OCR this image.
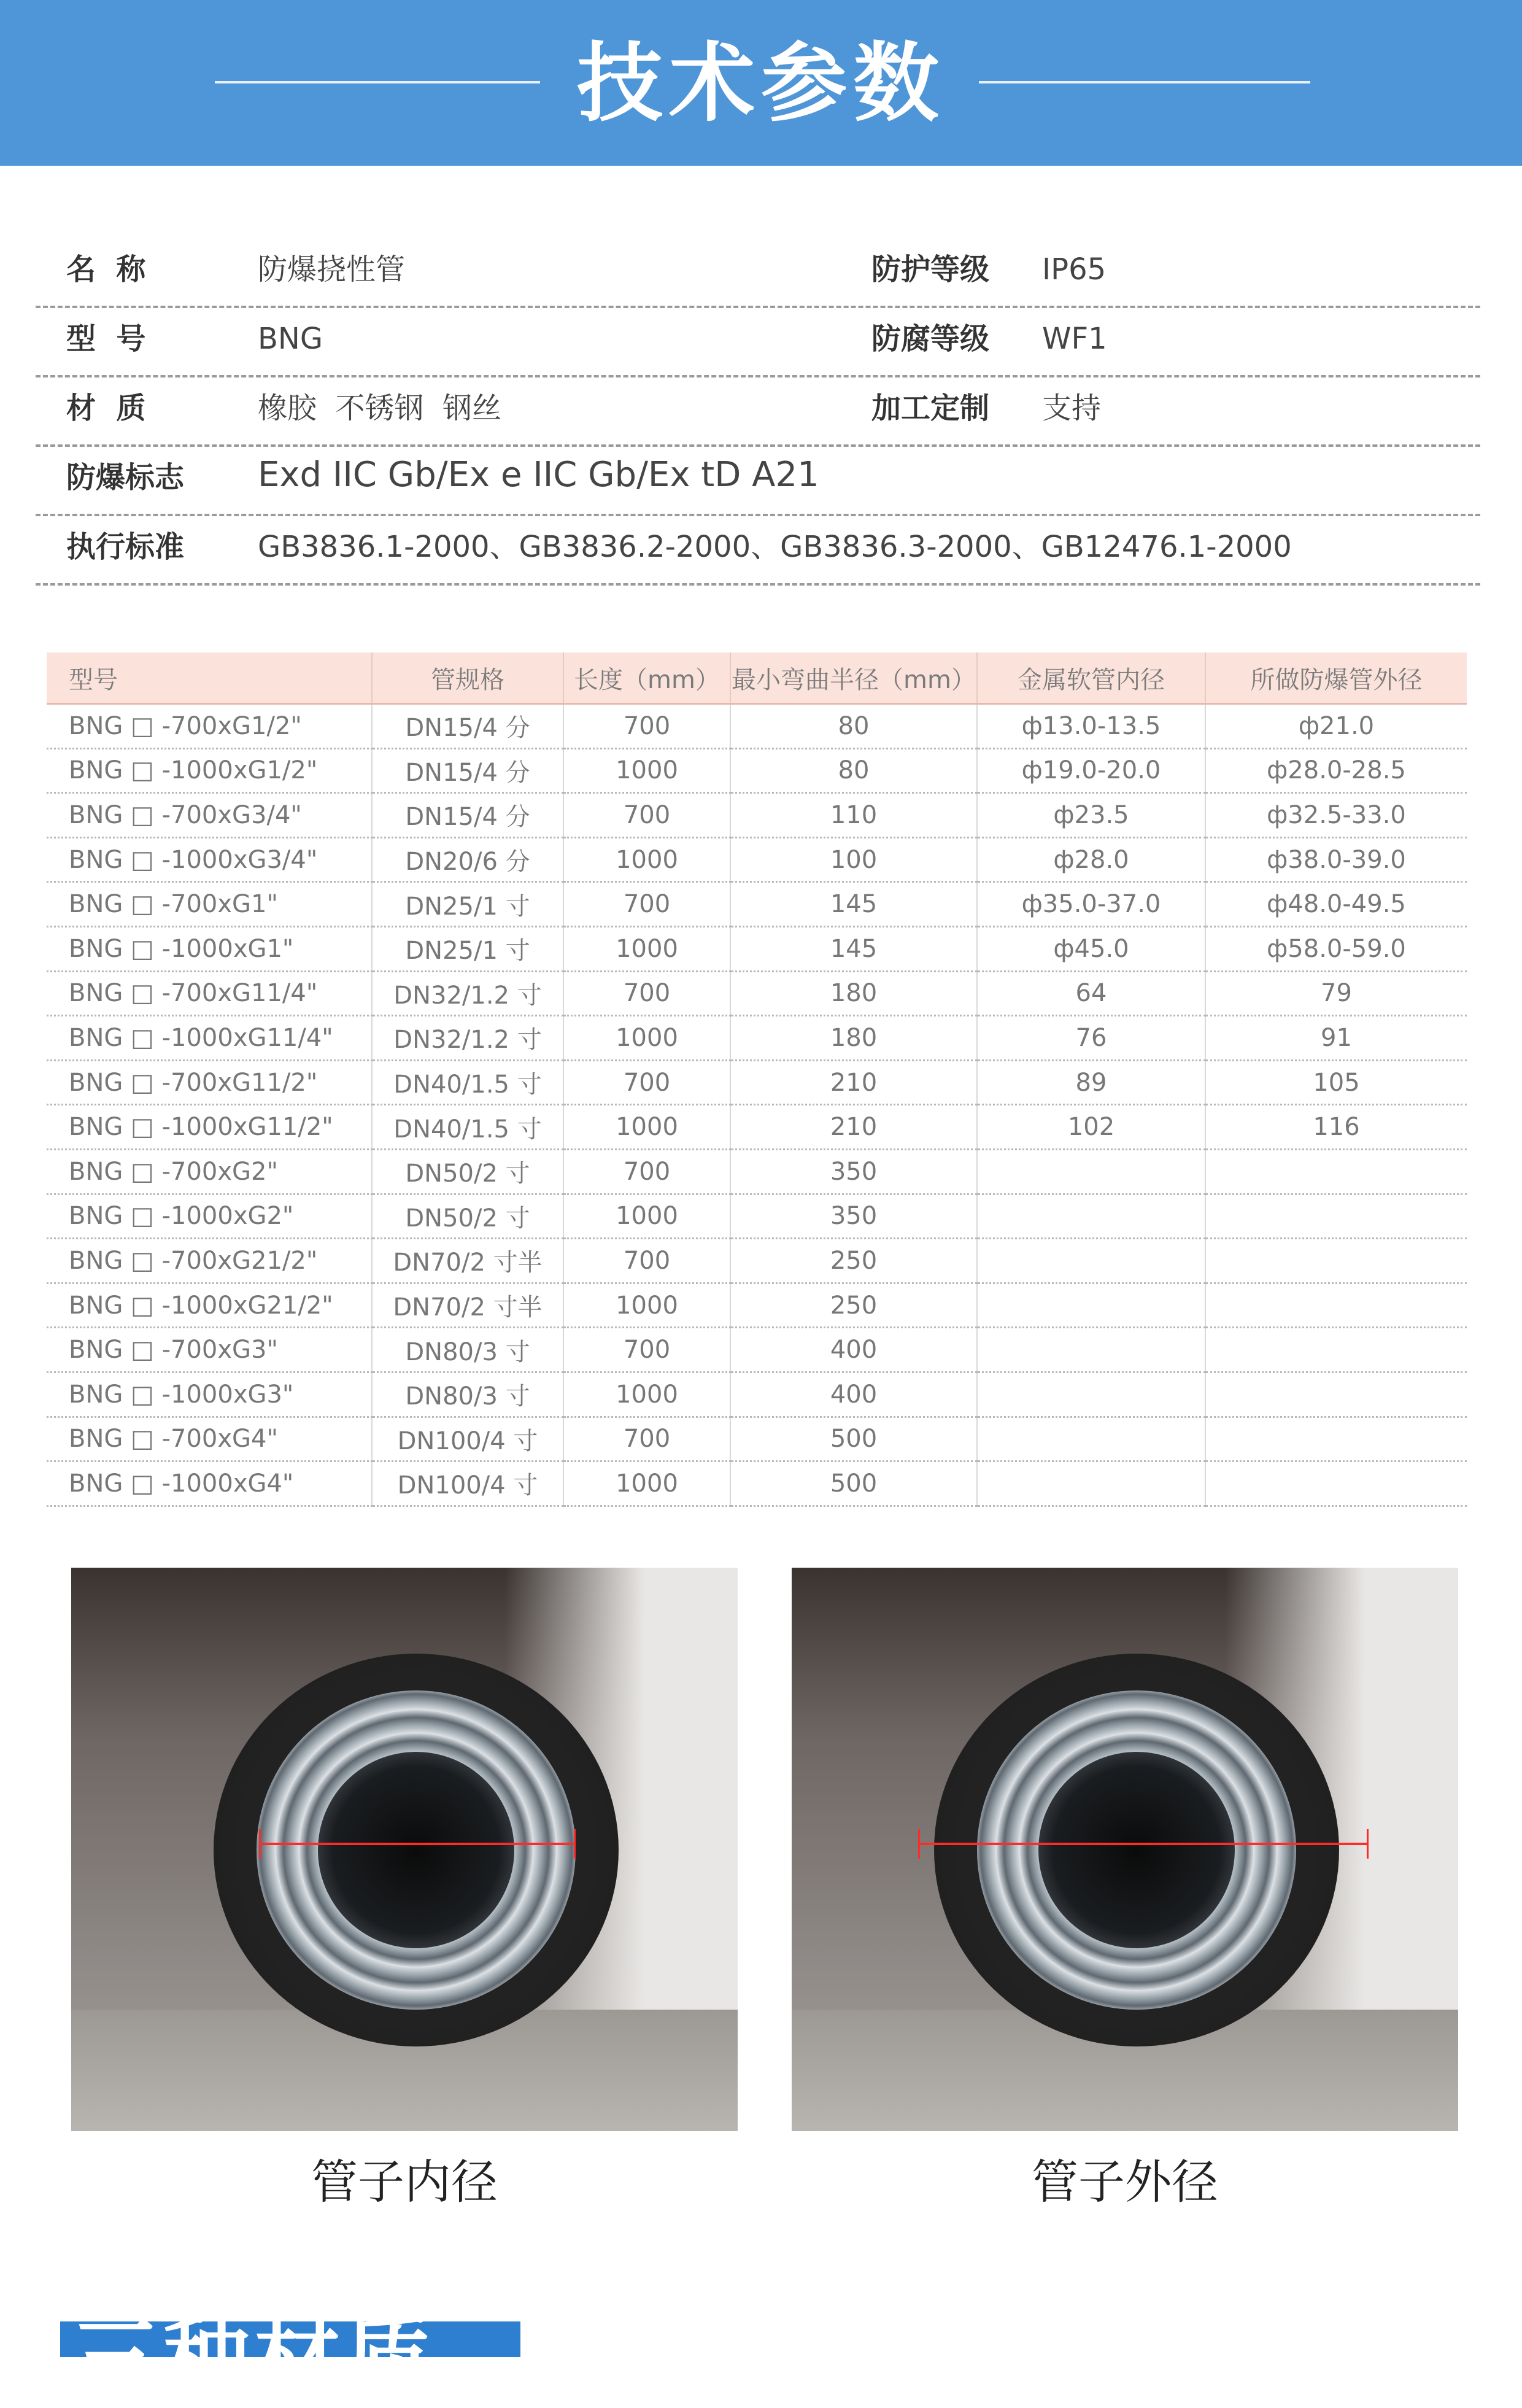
技术参数
名  称	防爆挠性管	防护等级 IP65
型  号	BNG	防腐等级 WF1
材  质	橡胶  不锈钢  钢丝	加工定制 支持
防爆标志 Exd IIC Gb/Ex e IIC Gb/Ex tD A21
执行标准 GB3836.1-2000、GB3836.2-2000、GB3836.3-2000、GB12476.1-2000
型号	管规格	长度（mm）	最小弯曲半径（mm）	金属软管内径	所做防爆管外径
BNG □ -700xG1/2"	DN15/4 分	700	80	ф13.0-13.5	ф21.0
BNG □ -1000xG1/2"	DN15/4 分	1000	80	ф19.0-20.0	ф28.0-28.5
BNG □ -700xG3/4"	DN15/4 分	700	110	ф23.5	ф32.5-33.0
BNG □ -1000xG3/4"	DN20/6 分	1000	100	ф28.0	ф38.0-39.0
BNG □ -700xG1"	DN25/1 寸	700	145	ф35.0-37.0	ф48.0-49.5
BNG □ -1000xG1"	DN25/1 寸	1000	145	ф45.0	ф58.0-59.0
BNG □ -700xG11/4"	DN32/1.2 寸	700	180	64	79
BNG □ -1000xG11/4"	DN32/1.2 寸	1000	180	76	91
BNG □ -700xG11/2"	DN40/1.5 寸	700	210	89	105
BNG □ -1000xG11/2"	DN40/1.5 寸	1000	210	102	116
BNG □ -700xG2"	DN50/2 寸	700	350		
BNG □ -1000xG2"	DN50/2 寸	1000	350		
BNG □ -700xG21/2"	DN70/2 寸半	700	250		
BNG □ -1000xG21/2"	DN70/2 寸半	1000	250		
BNG □ -700xG3"	DN80/3 寸	700	400		
BNG □ -1000xG3"	DN80/3 寸	1000	400		
BNG □ -700xG4"	DN100/4 寸	700	500		
BNG □ -1000xG4"	DN100/4 寸	1000	500		
管子内径	管子外径
三种材质
